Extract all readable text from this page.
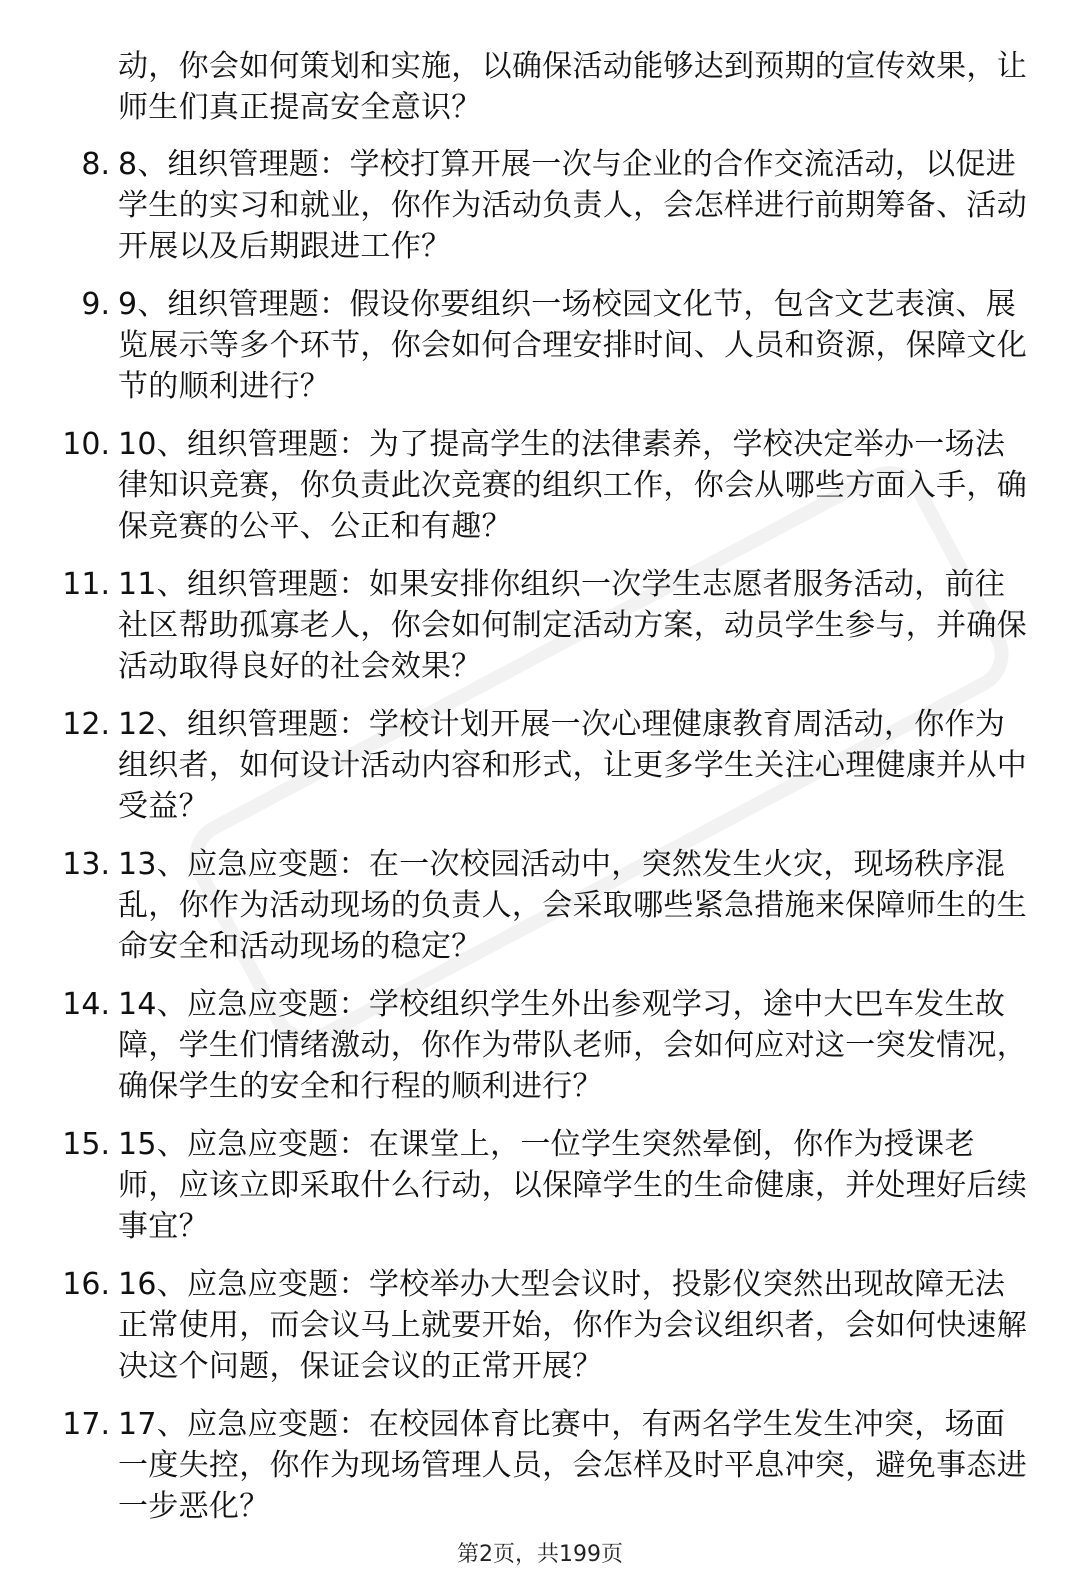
动，你会如何策划和实施，以确保活动能够达到预期的宣传效果，让师生们真正提高安全意识？
8. 8、组织管理题：学校打算开展一次与企业的合作交流活动，以促进学生的实习和就业，你作为活动负责人，会怎样进行前期筹备、活动开展以及后期跟进工作？
9. 9、组织管理题：假设你要组织一场校园文化节，包含文艺表演、展览展示等多个环节，你会如何合理安排时间、人员和资源，保障文化节的顺利进行？
10. 10、组织管理题：为了提高学生的法律素养，学校决定举办一场法律知识竞赛，你负责此次竞赛的组织工作，你会从哪些方面入手，确保竞赛的公平、公正和有趣？
11. 11、组织管理题：如果安排你组织一次学生志愿者服务活动，前往社区帮助孤寡老人，你会如何制定活动方案，动员学生参与，并确保活动取得良好的社会效果？
12. 12、组织管理题：学校计划开展一次心理健康教育周活动，你作为组织者，如何设计活动内容和形式，让更多学生关注心理健康并从中受益？
13. 13、应急应变题：在一次校园活动中，突然发生火灾，现场秩序混乱，你作为活动现场的负责人，会采取哪些紧急措施来保障师生的生命安全和活动现场的稳定？
14. 14、应急应变题：学校组织学生外出参观学习，途中大巴车发生故障，学生们情绪激动，你作为带队老师，会如何应对这一突发情况，确保学生的安全和行程的顺利进行？
15. 15、应急应变题：在课堂上，一位学生突然晕倒，你作为授课老师，应该立即采取什么行动，以保障学生的生命健康，并处理好后续事宜？
16. 16、应急应变题：学校举办大型会议时，投影仪突然出现故障无法正常使用，而会议马上就要开始，你作为会议组织者，会如何快速解决这个问题，保证会议的正常开展？
17. 17、应急应变题：在校园体育比赛中，有两名学生发生冲突，场面一度失控，你作为现场管理人员，会怎样及时平息冲突，避免事态进一步恶化？
第2页，共199页
